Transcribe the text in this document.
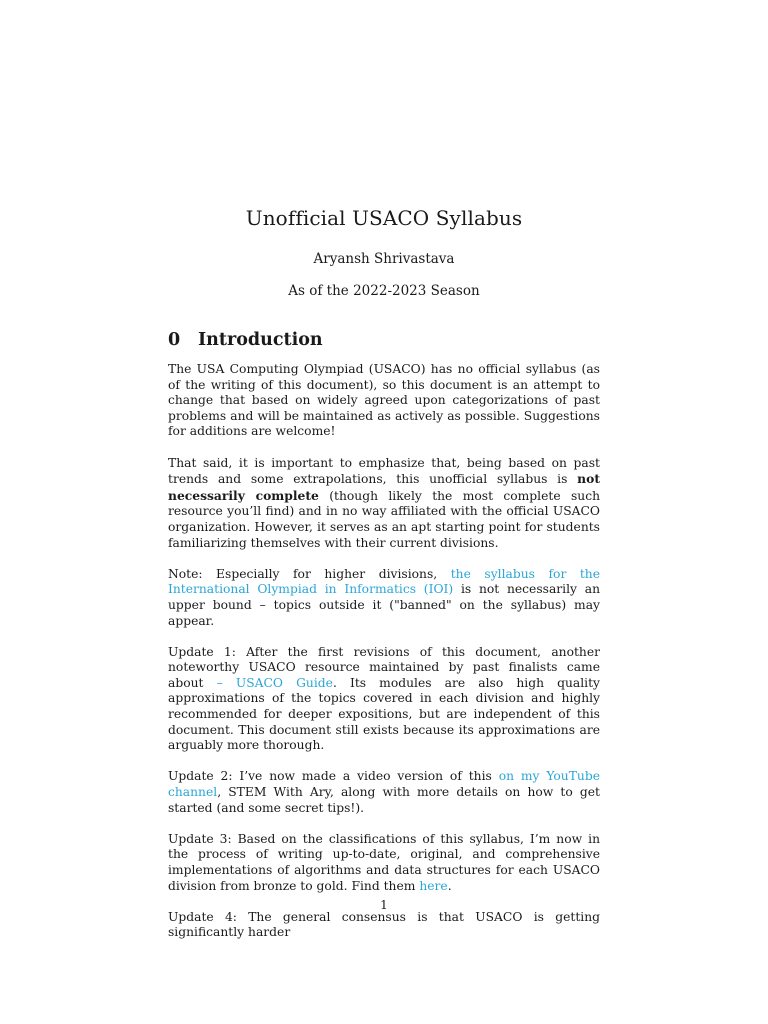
Unofficial USACO Syllabus
Aryansh Shrivastava
As of the 2022-2023 Season
0 Introduction

The USA Computing Olympiad (USACO) has no official syllabus (as of the writing of this document), so this document is an attempt to change that based on widely agreed upon categorizations of past problems and will be maintained as actively as possible. Suggestions for additions are welcome!

That said, it is important to emphasize that, being based on past trends and some extrapolations, this unofficial syllabus is not necessarily complete (though likely the most complete such resource you’ll find) and in no way affiliated with the official USACO organization. However, it serves as an apt starting point for students familiarizing themselves with their current divisions.

Note: Especially for higher divisions, the syllabus for the International Olympiad in Informatics (IOI) is not necessarily an upper bound – topics outside it ("banned" on the syllabus) may appear.

Update 1: After the first revisions of this document, another noteworthy USACO resource maintained by past finalists came about – USACO Guide. Its modules are also high quality approximations of the topics covered in each division and highly recommended for deeper expositions, but are independent of this document. This document still exists because its approximations are arguably more thorough.

Update 2: I’ve now made a video version of this on my YouTube channel, STEM With Ary, along with more details on how to get started (and some secret tips!).

Update 3: Based on the classifications of this syllabus, I’m now in the process of writing up-to-date, original, and comprehensive implementations of algorithms and data structures for each USACO division from bronze to gold. Find them here.

Update 4: The general consensus is that USACO is getting significantly harder

1
